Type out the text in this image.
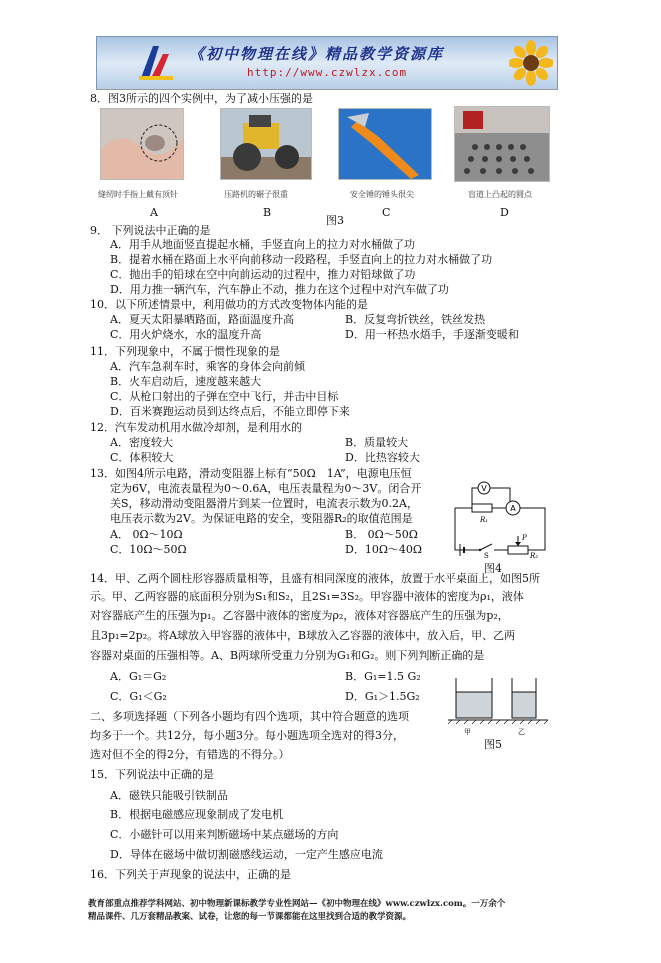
《初中物理在线》精品教学资源库
http://www.czwlzx.com
8．图3所示的四个实例中，为了减小压强的是
缝纫时手指上戴有顶针	压路机的碾子很重	安全锤的锤头很尖	盲道上凸起的圆点
A	B
图3
C	D
9． 下列说法中正确的是
A．用手从地面竖直提起水桶，手竖直向上的拉力对水桶做了功
B．提着水桶在路面上水平向前移动一段路程，手竖直向上的拉力对水桶做了功
C．抛出手的铅球在空中向前运动的过程中，推力对铅球做了功
D．用力推一辆汽车，汽车静止不动，推力在这个过程中对汽车做了功
10．以下所述情景中，利用做功的方式改变物体内能的是
A．夏天太阳暴晒路面，路面温度升高	B．反复弯折铁丝，铁丝发热
C．用火炉烧水，水的温度升高	D．用一杯热水焐手，手逐渐变暖和
11．下列现象中，不属于惯性现象的是
A．汽车急刹车时，乘客的身体会向前倾
B．火车启动后，速度越来越大
C．从枪口射出的子弹在空中飞行，并击中目标
D．百米赛跑运动员到达终点后，不能立即停下来
12．汽车发动机用水做冷却剂，是利用水的
A．密度较大	B．质量较大
C．体积较大	D．比热容较大
13．如图4所示电路，滑动变阻器上标有“50Ω　1A”，电源电压恒
定为6V，电流表量程为0～0.6A，电压表量程为0～3V。闭合开
关S，移动滑动变阻器滑片到某一位置时，电流表示数为0.2A，
电压表示数为2V。为保证电路的安全，变阻器R₂的取值范围是
A． 0Ω～10Ω	B． 0Ω～50Ω
C．10Ω～50Ω	D．10Ω～40Ω
V
R₁
A
S
P
R₂
图4
14．甲、乙两个圆柱形容器质量相等，且盛有相同深度的液体，放置于水平桌面上，如图5所
示。甲、乙两容器的底面积分别为S₁和S₂，且2S₁=3S₂。甲容器中液体的密度为ρ₁，液体
对容器底产生的压强为p₁。乙容器中液体的密度为ρ₂，液体对容器底产生的压强为p₂，
且3p₁=2p₂。将A球放入甲容器的液体中，B球放入乙容器的液体中，放入后，甲、乙两
容器对桌面的压强相等。A、B两球所受重力分别为G₁和G₂。则下列判断正确的是
A．G₁＝G₂	B．G₁=1.5 G₂
C．G₁＜G₂	D．G₁＞1.5G₂
甲	乙
图5
二、多项选择题（下列各小题均有四个选项，其中符合题意的选项
均多于一个。共12分，每小题3分。每小题选项全选对的得3分，
选对但不全的得2分，有错选的不得分。）
15．下列说法中正确的是
A．磁铁只能吸引铁制品
B．根据电磁感应现象制成了发电机
C．小磁针可以用来判断磁场中某点磁场的方向
D．导体在磁场中做切割磁感线运动，一定产生感应电流
16．下列关于声现象的说法中，正确的是
教育部重点推荐学科网站、初中物理新课标教学专业性网站—《初中物理在线》www.czwlzx.com。一万余个
精品课件、几万套精品教案、试卷，让您的每一节课都能在这里找到合适的教学资源。
